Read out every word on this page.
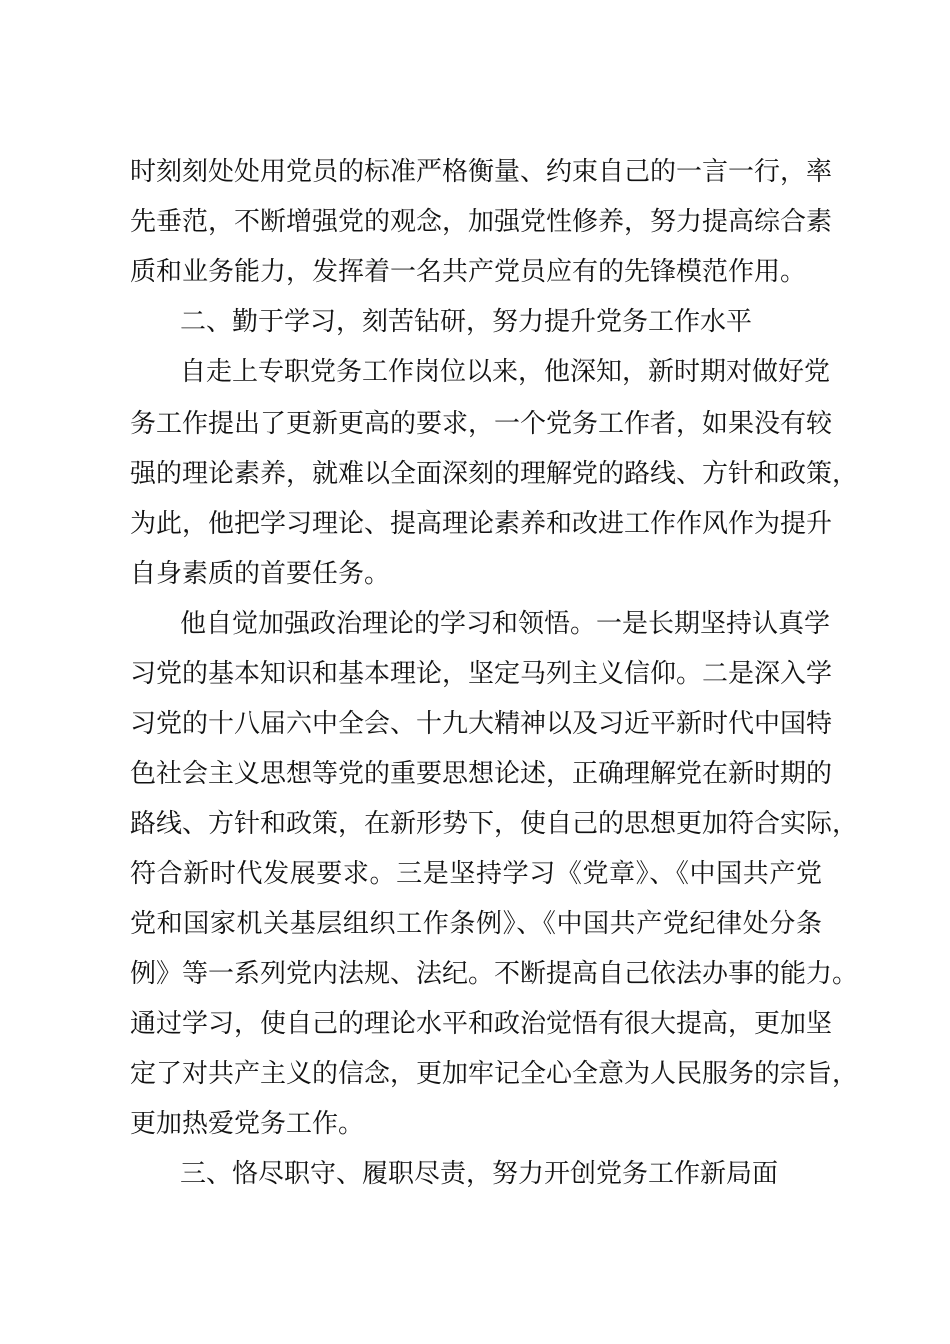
时刻刻处处用党员的标准严格衡量、约束自己的一言一行，率
先垂范，不断增强党的观念，加强党性修养，努力提高综合素
质和业务能力，发挥着一名共产党员应有的先锋模范作用。
二、勤于学习，刻苦钻研，努力提升党务工作水平
自走上专职党务工作岗位以来，他深知，新时期对做好党
务工作提出了更新更高的要求，一个党务工作者，如果没有较
强的理论素养，就难以全面深刻的理解党的路线、方针和政策，
为此，他把学习理论、提高理论素养和改进工作作风作为提升
自身素质的首要任务。
他自觉加强政治理论的学习和领悟。一是长期坚持认真学
习党的基本知识和基本理论，坚定马列主义信仰。二是深入学
习党的十八届六中全会、十九大精神以及习近平新时代中国特
色社会主义思想等党的重要思想论述，正确理解党在新时期的
路线、方针和政策，在新形势下，使自己的思想更加符合实际，
符合新时代发展要求。三是坚持学习《党章》、《中国共产党
党和国家机关基层组织工作条例》、《中国共产党纪律处分条
例》等一系列党内法规、法纪。不断提高自己依法办事的能力。
通过学习，使自己的理论水平和政治觉悟有很大提高，更加坚
定了对共产主义的信念，更加牢记全心全意为人民服务的宗旨，
更加热爱党务工作。
三、恪尽职守、履职尽责，努力开创党务工作新局面
